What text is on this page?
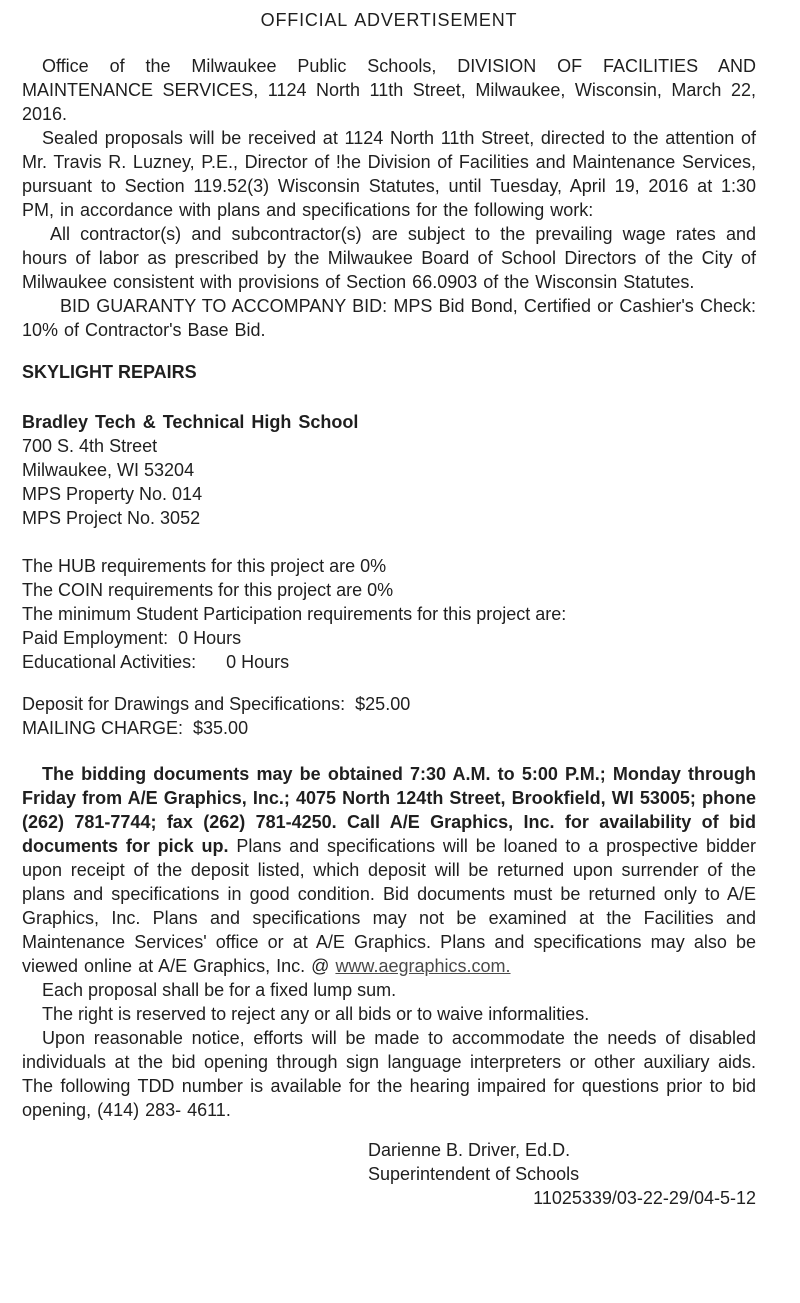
OFFICIAL ADVERTISEMENT

Office of the Milwaukee Public Schools, DIVISION OF FACILITIES AND MAINTENANCE SERVICES, 1124 North 11th Street, Milwaukee, Wisconsin, March 22, 2016.

Sealed proposals will be received at 1124 North 11th Street, directed to the attention of Mr. Travis R. Luzney, P.E., Director of !he Division of Facilities and Maintenance Services, pursuant to Section 119.52(3) Wisconsin Statutes, until Tuesday, April 19, 2016 at 1:30 PM, in accordance with plans and specifications for the following work:

All contractor(s) and subcontractor(s) are subject to the prevailing wage rates and hours of labor as prescribed by the Milwaukee Board of School Directors of the City of Milwaukee consistent with provisions of Section 66.0903 of the Wisconsin Statutes.

BID GUARANTY TO ACCOMPANY BID: MPS Bid Bond, Certified or Cashier's Check: 10% of Contractor's Base Bid.

SKYLIGHT REPAIRS

Bradley Tech & Technical High School

700 S. 4th Street

Milwaukee, WI 53204

MPS Property No. 014

MPS Project No. 3052

The HUB requirements for this project are 0%

The COIN requirements for this project are 0%

The minimum Student Participation requirements for this project are:

Paid Employment:  0 Hours

Educational Activities:      0 Hours

Deposit for Drawings and Specifications:  $25.00

MAILING CHARGE:  $35.00

The bidding documents may be obtained 7:30 A.M. to 5:00 P.M.; Monday through Friday from A/E Graphics, Inc.; 4075 North 124th Street, Brookfield, WI 53005; phone (262) 781-7744; fax (262) 781-4250. Call A/E Graphics, Inc. for availability of bid documents for pick up. Plans and specifications will be loaned to a prospective bidder upon receipt of the deposit listed, which deposit will be returned upon surrender of the plans and specifications in good condition. Bid documents must be returned only to A/E Graphics, Inc. Plans and specifications may not be examined at the Facilities and Maintenance Services' office or at A/E Graphics. Plans and specifications may also be viewed online at A/E Graphics, Inc. @ www.aegraphics.com.

Each proposal shall be for a fixed lump sum.

The right is reserved to reject any or all bids or to waive informalities.

Upon reasonable notice, efforts will be made to accommodate the needs of disabled individuals at the bid opening through sign language interpreters or other auxiliary aids. The following TDD number is available for the hearing impaired for questions prior to bid opening, (414) 283- 4611.

Darienne B. Driver, Ed.D.

Superintendent of Schools

11025339/03-22-29/04-5-12
